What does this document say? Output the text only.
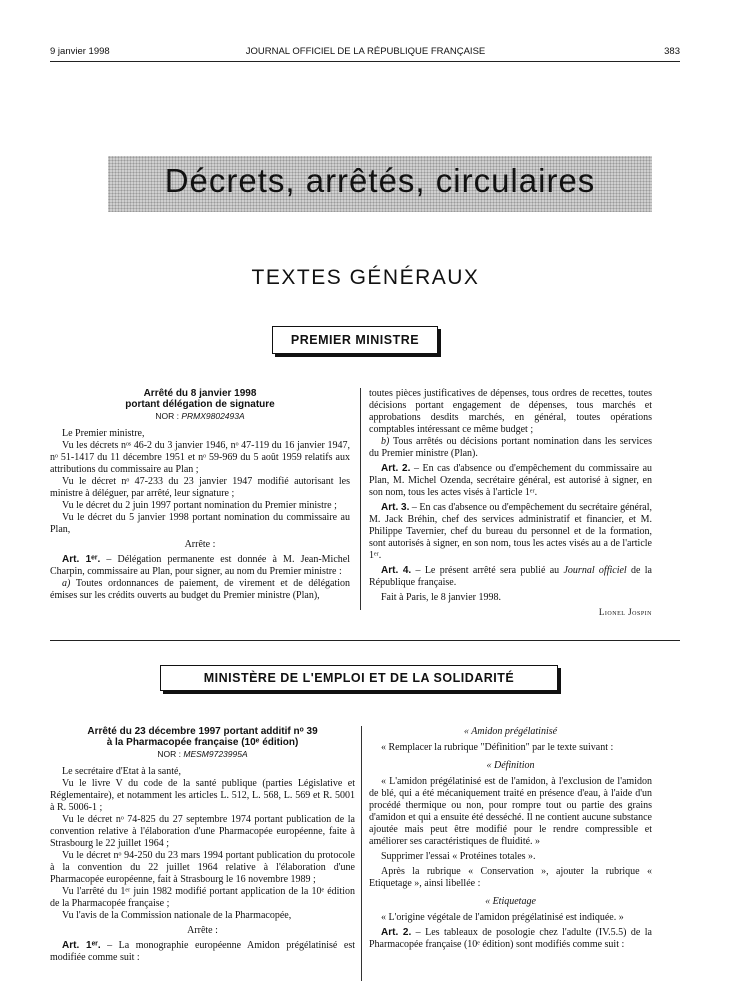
9 janvier 1998	JOURNAL OFFICIEL DE LA RÉPUBLIQUE FRANÇAISE	383
Décrets, arrêtés, circulaires
TEXTES GÉNÉRAUX
PREMIER MINISTRE
Arrêté du 8 janvier 1998
portant délégation de signature
NOR : PRMX9802493A

Le Premier ministre,

Vu les décrets nᵒˢ 46-2 du 3 janvier 1946, nᵒ 47-119 du 16 janvier 1947, nᵒ 51-1417 du 11 décembre 1951 et nᵒ 59-969 du 5 août 1959 relatifs aux attributions du commissaire au Plan ;

Vu le décret nᵒ 47-233 du 23 janvier 1947 modifié autorisant les ministre à déléguer, par arrêté, leur signature ;

Vu le décret du 2 juin 1997 portant nomination du Premier ministre ;

Vu le décret du 5 janvier 1998 portant nomination du commissaire au Plan,

Arrête :

Art. 1ᵉʳ. – Délégation permanente est donnée à M. Jean-Michel Charpin, commissaire au Plan, pour signer, au nom du Premier ministre :

a) Toutes ordonnances de paiement, de virement et de délégation émises sur les crédits ouverts au budget du Premier ministre (Plan),

toutes pièces justificatives de dépenses, tous ordres de recettes, toutes décisions portant engagement de dépenses, tous marchés et approbations desdits marchés, en général, toutes opérations comptables intéressant ce même budget ;

b) Tous arrêtés ou décisions portant nomination dans les services du Premier ministre (Plan).

Art. 2. – En cas d'absence ou d'empêchement du commissaire au Plan, M. Michel Ozenda, secrétaire général, est autorisé à signer, en son nom, tous les actes visés à l'article 1ᵉʳ.

Art. 3. – En cas d'absence ou d'empêchement du secrétaire général, M. Jack Bréhin, chef des services administratif et financier, et M. Philippe Tavernier, chef du bureau du personnel et de la formation, sont autorisés à signer, en son nom, tous les actes visés au a de l'article 1ᵉʳ.

Art. 4. – Le présent arrêté sera publié au Journal officiel de la République française.

Fait à Paris, le 8 janvier 1998.

Lionel Jospin

MINISTÈRE DE L'EMPLOI ET DE LA SOLIDARITÉ
Arrêté du 23 décembre 1997 portant additif nᵒ 39
à la Pharmacopée française (10ᵉ édition)
NOR : MESM9723995A

Le secrétaire d'Etat à la santé,

Vu le livre V du code de la santé publique (parties Législative et Réglementaire), et notamment les articles L. 512, L. 568, L. 569 et R. 5001 à R. 5006-1 ;

Vu le décret nᵒ 74-825 du 27 septembre 1974 portant publication de la convention relative à l'élaboration d'une Pharmacopée européenne, faite à Strasbourg le 22 juillet 1964 ;

Vu le décret nᵒ 94-250 du 23 mars 1994 portant publication du protocole à la convention du 22 juillet 1964 relative à l'élaboration d'une Pharmacopée européenne, fait à Strasbourg le 16 novembre 1989 ;

Vu l'arrêté du 1ᵉʳ juin 1982 modifié portant application de la 10ᵉ édition de la Pharmacopée française ;

Vu l'avis de la Commission nationale de la Pharmacopée,

Arrête :

Art. 1ᵉʳ. – La monographie européenne Amidon prégélatinisé est modifiée comme suit :

« Amidon prégélatinisé

« Remplacer la rubrique "Définition" par le texte suivant :

« Définition

« L'amidon prégélatinisé est de l'amidon, à l'exclusion de l'amidon de blé, qui a été mécaniquement traité en présence d'eau, à l'aide d'un procédé thermique ou non, pour rompre tout ou partie des grains d'amidon et qui a ensuite été desséché. Il ne contient aucune substance ajoutée mais peut être modifié pour le rendre compressible et améliorer ses caractéristiques de fluidité. »

Supprimer l'essai « Protéines totales ».

Après la rubrique « Conservation », ajouter la rubrique « Etiquetage », ainsi libellée :

« Etiquetage

« L'origine végétale de l'amidon prégélatinisé est indiquée. »

Art. 2. – Les tableaux de posologie chez l'adulte (IV.5.5) de la Pharmacopée française (10ᵉ édition) sont modifiés comme suit :
